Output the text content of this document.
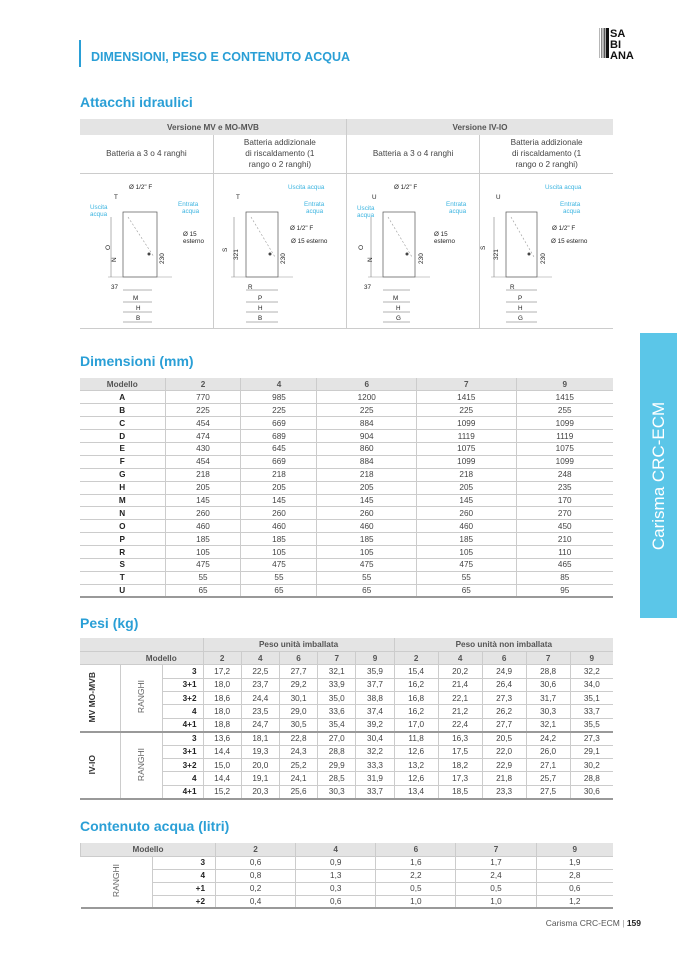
DIMENSIONI, PESO E CONTENUTO ACQUA
SA
BI
ANA
Attacchi idraulici
Versione MV e MO-MVB		Versione IV-IO	
Batteria a 3 o 4 ranghi	Batteria addizionale di riscaldamento (1 rango o 2 ranghi)	Batteria a 3 o 4 ranghi	Batteria addizionale di riscaldamento (1 rango o 2 ranghi)

Ø 1/2" F
T
Uscita
acqua
Entrata
acqua
Ø 15
esterno
O
N	230
37
M
H
B
T
Uscita acqua
Entrata
acqua
Ø 1/2" F
Ø 15 esterno
S 321	230
R
P
H
B
Ø 1/2" F
U
Uscita
acqua
Entrata
acqua
Ø 15
esterno
O
N	230
37
M
H
G
Uscita acqua
U
Entrata
acqua
Ø 1/2" F
Ø 15 esterno
S
321	230
R
P
H
G
Dimensioni (mm)
Modello	2	4	6	7	9
A	770	985	1200	1415	1415
B	225	225	225	225	255
C	454	669	884	1099	1099
D	474	689	904	1119	1119
E	430	645	860	1075	1075
F	454	669	884	1099	1099
G	218	218	218	218	248
H	205	205	205	205	235
M	145	145	145	145	170
N	260	260	260	260	270
O	460	460	460	460	450
P	185	185	185	185	210
R	105	105	105	105	110
S	475	475	475	475	465
T	55	55	55	55	85
U	65	65	65	65	95
Pesi (kg)
			Peso unità imballata					Peso unità non imballata				
	Modello		2	4	6	7	9	2	4	6	7	9
MV MO-MVB	RANGHI	3	17,2	22,5	27,7	32,1	35,9	15,4	20,2	24,9	28,8	32,2
		3+1	18,0	23,7	29,2	33,9	37,7	16,2	21,4	26,4	30,6	34,0
		3+2	18,6	24,4	30,1	35,0	38,8	16,8	22,1	27,3	31,7	35,1
		4	18,0	23,5	29,0	33,6	37,4	16,2	21,2	26,2	30,3	33,7
		4+1	18,8	24,7	30,5	35,4	39,2	17,0	22,4	27,7	32,1	35,5
IV-IO	RANGHI	3	13,6	18,1	22,8	27,0	30,4	11,8	16,3	20,5	24,2	27,3
		3+1	14,4	19,3	24,3	28,8	32,2	12,6	17,5	22,0	26,0	29,1
		3+2	15,0	20,0	25,2	29,9	33,3	13,2	18,2	22,9	27,1	30,2
		4	14,4	19,1	24,1	28,5	31,9	12,6	17,3	21,8	25,7	28,8
		4+1	15,2	20,3	25,6	30,3	33,7	13,4	18,5	23,3	27,5	30,6
Contenuto acqua (litri)
Modello		2	4	6	7	9
RANGHI	3	0,6	0,9	1,6	1,7	1,9
	4	0,8	1,3	2,2	2,4	2,8
	+1	0,2	0,3	0,5	0,5	0,6
	+2	0,4	0,6	1,0	1,0	1,2
Carisma CRC-ECM
Carisma CRC-ECM | 159
